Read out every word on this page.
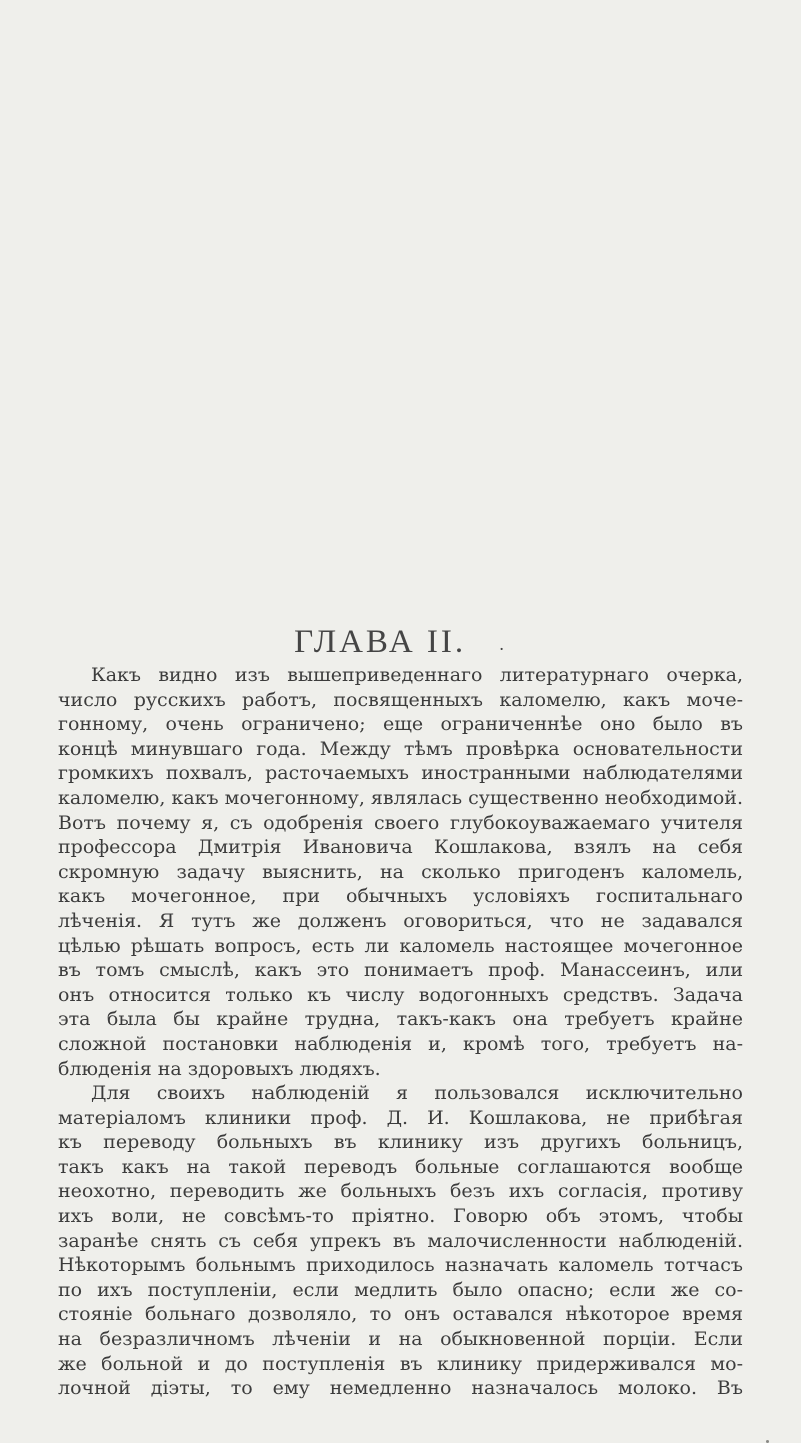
ГЛАВА II. .
Какъ видно изъ вышеприведеннаго литературнаго очерка,
число русскихъ работъ, посвященныхъ каломелю, какъ моче-
гонному, очень ограничено; еще ограниченнѣе оно было въ
концѣ минувшаго года. Между тѣмъ провѣрка основательности
громкихъ похвалъ, расточаемыхъ иностранными наблюдателями
каломелю, какъ мочегонному, являлась существенно необходимой.
Вотъ почему я, съ одобренія своего глубокоуважаемаго учителя
профессора Дмитрія Ивановича Кошлакова, взялъ на себя
скромную задачу выяснить, на сколько пригоденъ каломель,
какъ мочегонное, при обычныхъ условіяхъ госпитальнаго
лѣченія. Я тутъ же долженъ оговориться, что не задавался
цѣлью рѣшать вопросъ, есть ли каломель настоящее мочегонное
въ томъ смыслѣ, какъ это понимаетъ проф. Манассеинъ, или
онъ относится только къ числу водогонныхъ средствъ. Задача
эта была бы крайне трудна, такъ-какъ она требуетъ крайне
сложной постановки наблюденія и, кромѣ того, требуетъ на-
блюденія на здоровыхъ людяхъ.
Для своихъ наблюденій я пользовался исключительно
матеріаломъ клиники проф. Д. И. Кошлакова, не прибѣгая
къ переводу больныхъ въ клинику изъ другихъ больницъ,
такъ какъ на такой переводъ больные соглашаются вообще
неохотно, переводить же больныхъ безъ ихъ согласія, противу
ихъ воли, не совсѣмъ-то пріятно. Говорю объ этомъ, чтобы
заранѣе снять съ себя упрекъ въ малочисленности наблюденій.
Нѣкоторымъ больнымъ приходилось назначать каломель тотчасъ
по ихъ поступленіи, если медлить было опасно; если же со-
стояніе больнаго дозволяло, то онъ оставался нѣкоторое время
на безразличномъ лѣченіи и на обыкновенной порціи. Если
же больной и до поступленія въ клинику придерживался мо-
лочной діэты, то ему немедленно назначалось молоко. Въ
